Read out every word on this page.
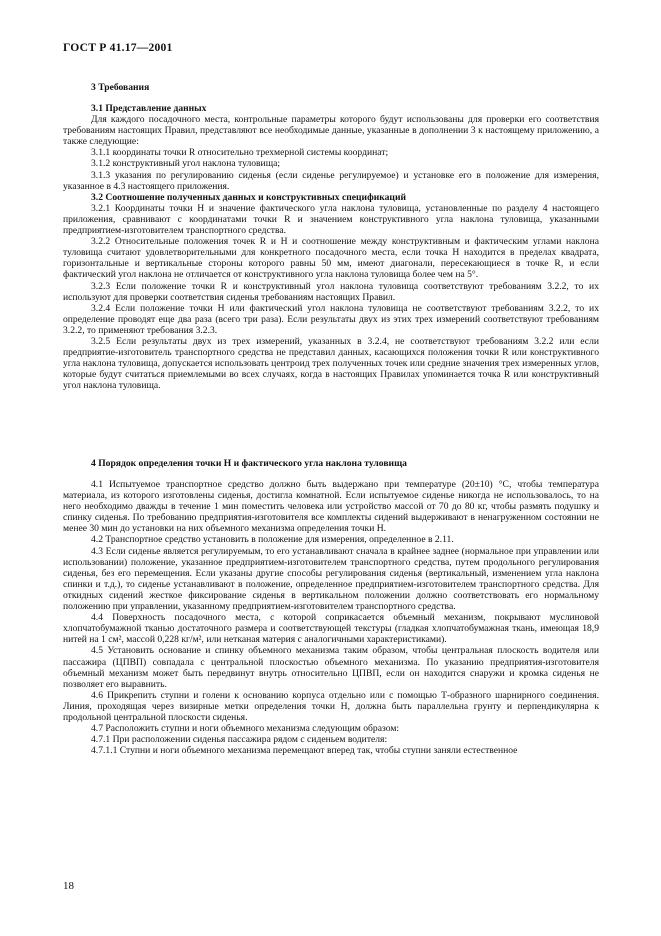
ГОСТ Р 41.17—2001

3 Требования

3.1 Представление данных

Для каждого посадочного места, контрольные параметры которого будут использованы для проверки его соответствия требованиям настоящих Правил, представляют все необходимые данные, указанные в дополнении 3 к настоящему приложению, а также следующие:

3.1.1 координаты точки R относительно трехмерной системы координат;

3.1.2 конструктивный угол наклона туловища;

3.1.3 указания по регулированию сиденья (если сиденье регулируемое) и установке его в положение для измерения, указанное в 4.3 настоящего приложения.

3.2 Соотношение полученных данных и конструктивных спецификаций

3.2.1 Координаты точки H и значение фактического угла наклона туловища, установленные по разделу 4 настоящего приложения, сравнивают с координатами точки R и значением конструктивного угла наклона туловища, указанными предприятием-изготовителем транспортного средства.

3.2.2 Относительные положения точек R и H и соотношение между конструктивным и фактическим углами наклона туловища считают удовлетворительными для конкретного посадочного места, если точка H находится в пределах квадрата, горизонтальные и вертикальные стороны которого равны 50 мм, имеют диагонали, пересекающиеся в точке R, и если фактический угол наклона не отличается от конструктивного угла наклона туловища более чем на 5°.

3.2.3 Если положение точки R и конструктивный угол наклона туловища соответствуют требованиям 3.2.2, то их используют для проверки соответствия сиденья требованиям настоящих Правил.

3.2.4 Если положение точки H или фактический угол наклона туловища не соответствуют требованиям 3.2.2, то их определение проводят еще два раза (всего три раза). Если результаты двух из этих трех измерений соответствуют требованиям 3.2.2, то применяют требования 3.2.3.

3.2.5 Если результаты двух из трех измерений, указанных в 3.2.4, не соответствуют требованиям 3.2.2 или если предприятие-изготовитель транспортного средства не представил данных, касающихся положения точки R или конструктивного угла наклона туловища, допускается использовать центроид трех полученных точек или средние значения трех измеренных углов, которые будут считаться приемлемыми во всех случаях, когда в настоящих Правилах упоминается точка R или конструктивный угол наклона туловища.

4 Порядок определения точки H и фактического угла наклона туловища

4.1 Испытуемое транспортное средство должно быть выдержано при температуре (20±10) °С, чтобы температура материала, из которого изготовлены сиденья, достигла комнатной. Если испытуемое сиденье никогда не использовалось, то на него необходимо дважды в течение 1 мин поместить человека или устройство массой от 70 до 80 кг, чтобы размять подушку и спинку сиденья. По требованию предприятия-изготовителя все комплекты сидений выдерживают в ненагруженном состоянии не менее 30 мин до установки на них объемного механизма определения точки H.

4.2 Транспортное средство установить в положение для измерения, определенное в 2.11.

4.3 Если сиденье является регулируемым, то его устанавливают сначала в крайнее заднее (нормальное при управлении или использовании) положение, указанное предприятием-изготовителем транспортного средства, путем продольного регулирования сиденья, без его перемещения. Если указаны другие способы регулирования сиденья (вертикальный, изменением угла наклона спинки и т.д.), то сиденье устанавливают в положение, определенное предприятием-изготовителем транспортного средства. Для откидных сидений жесткое фиксирование сиденья в вертикальном положении должно соответствовать его нормальному положению при управлении, указанному предприятием-изготовителем транспортного средства.

4.4 Поверхность посадочного места, с которой соприкасается объемный механизм, покрывают муслиновой хлопчатобумажной тканью достаточного размера и соответствующей текстуры (гладкая хлопчатобумажная ткань, имеющая 18,9 нитей на 1 см², массой 0,228 кг/м², или нетканая материя с аналогичными характеристиками).

4.5 Установить основание и спинку объемного механизма таким образом, чтобы центральная плоскость водителя или пассажира (ЦПВП) совпадала с центральной плоскостью объемного механизма. По указанию предприятия-изготовителя объемный механизм может быть передвинут внутрь относительно ЦПВП, если он находится снаружи и кромка сиденья не позволяет его выравнить.

4.6 Прикрепить ступни и голени к основанию корпуса отдельно или с помощью Т-образного шарнирного соединения. Линия, проходящая через визирные метки определения точки H, должна быть параллельна грунту и перпендикулярна к продольной центральной плоскости сиденья.

4.7 Расположить ступни и ноги объемного механизма следующим образом:

4.7.1 При расположении сиденья пассажира рядом с сиденьем водителя:

4.7.1.1 Ступни и ноги объемного механизма перемещают вперед так, чтобы ступни заняли естественное

18
